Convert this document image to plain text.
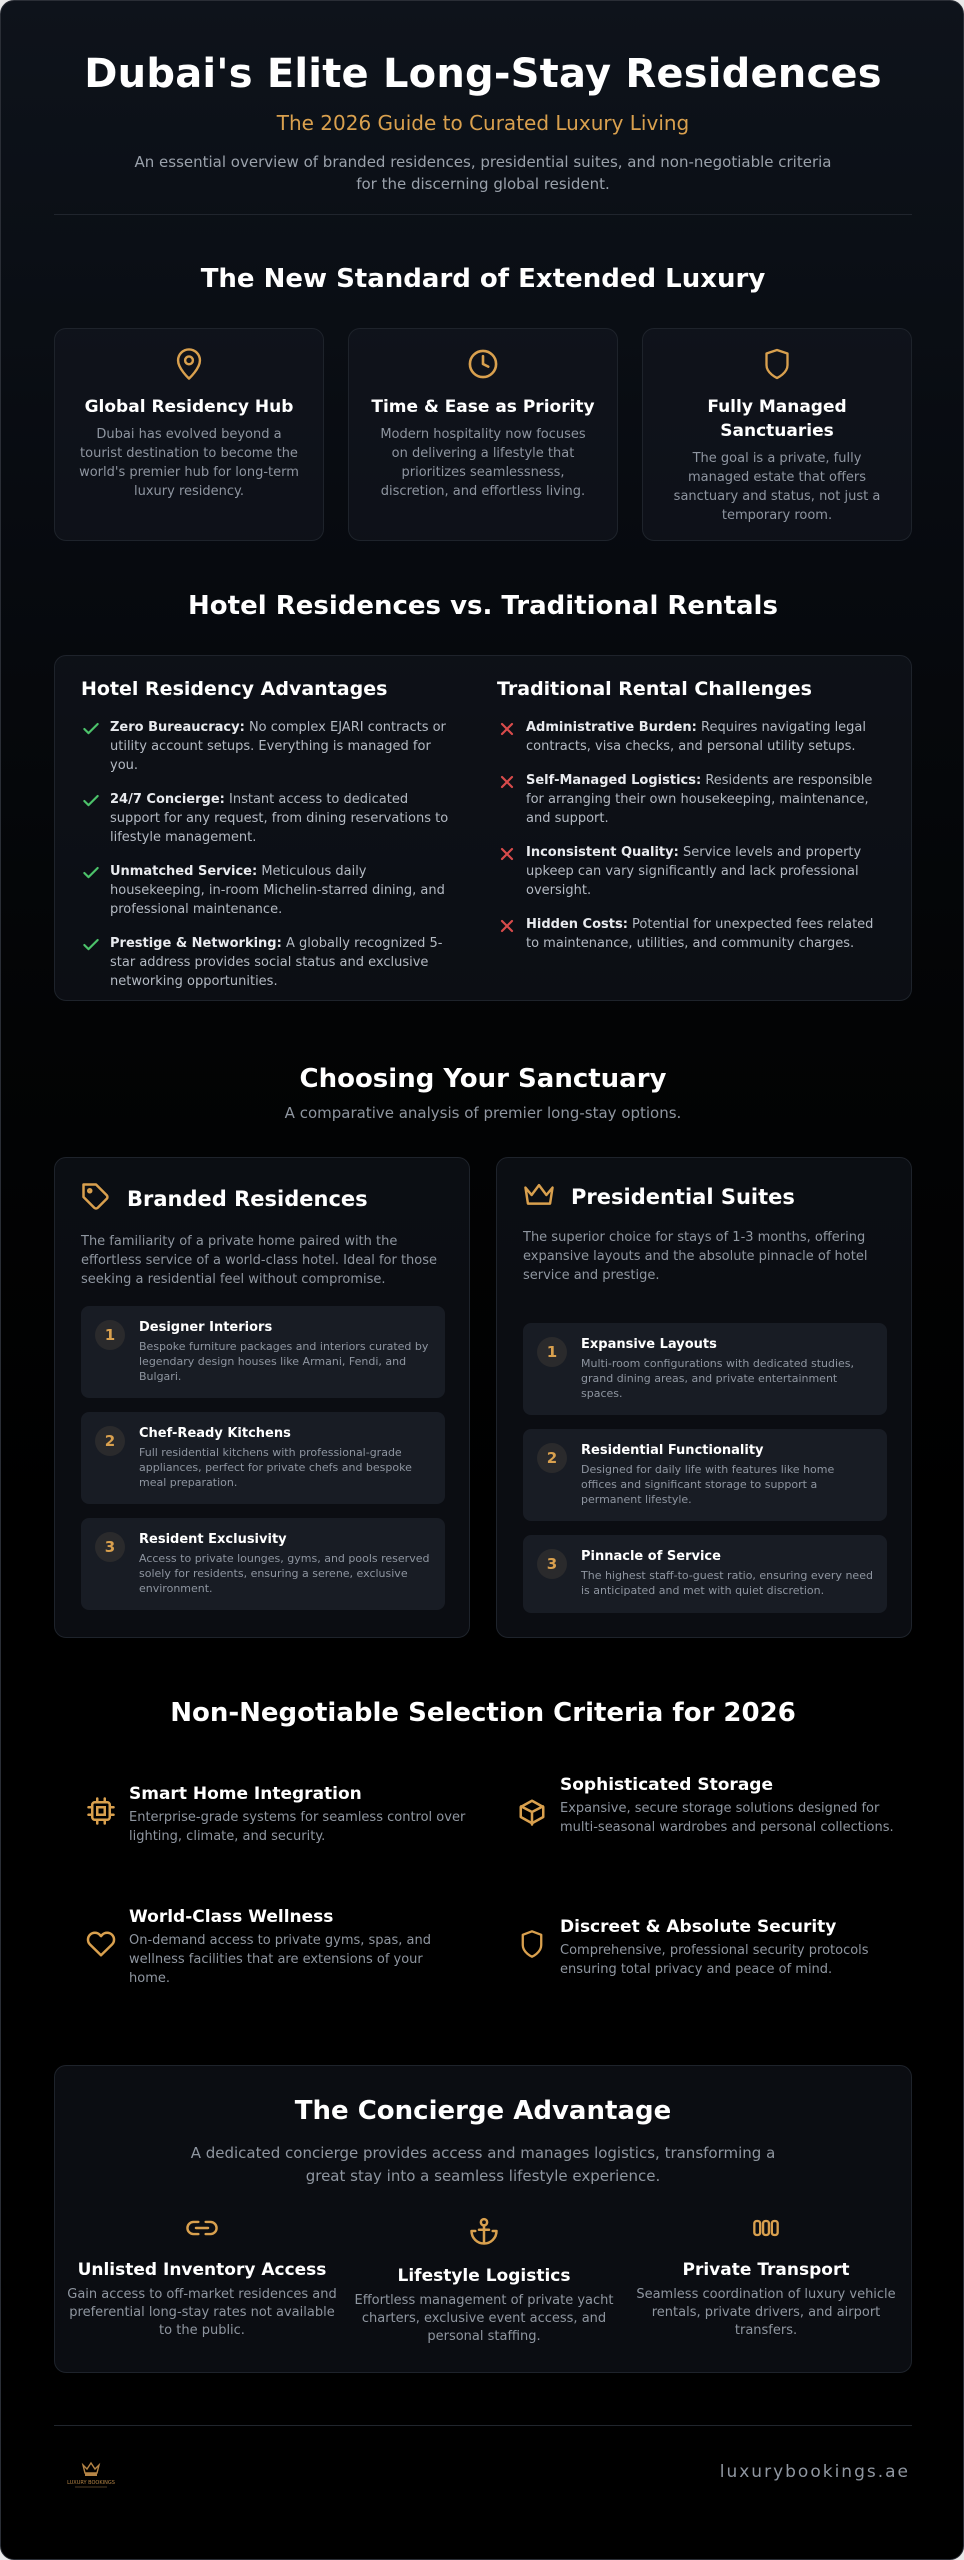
Dubai's Elite Long-Stay Residences
The 2026 Guide to Curated Luxury Living

An essential overview of branded residences, presidential suites, and non-negotiable criteria for the discerning global resident.

The New Standard of Extended Luxury
Global Residency Hub

Dubai has evolved beyond a tourist destination to become the world's premier hub for long-term luxury residency.

Time & Ease as Priority

Modern hospitality now focuses on delivering a lifestyle that prioritizes seamlessness, discretion, and effortless living.

Fully Managed Sanctuaries

The goal is a private, fully managed estate that offers sanctuary and status, not just a temporary room.

Hotel Residences vs. Traditional Rentals
Hotel Residency Advantages
Zero Bureaucracy: No complex EJARI contracts or utility account setups. Everything is managed for you.
24/7 Concierge: Instant access to dedicated support for any request, from dining reservations to lifestyle management.
Unmatched Service: Meticulous daily housekeeping, in-room Michelin-starred dining, and professional maintenance.
Prestige & Networking: A globally recognized 5-star address provides social status and exclusive networking opportunities.
Traditional Rental Challenges
Administrative Burden: Requires navigating legal contracts, visa checks, and personal utility setups.
Self-Managed Logistics: Residents are responsible for arranging their own housekeeping, maintenance, and support.
Inconsistent Quality: Service levels and property upkeep can vary significantly and lack professional oversight.
Hidden Costs: Potential for unexpected fees related to maintenance, utilities, and community charges.
Choosing Your Sanctuary
A comparative analysis of premier long-stay options.
Branded Residences

The familiarity of a private home paired with the effortless service of a world-class hotel. Ideal for those seeking a residential feel without compromise.

1	Designer Interiors

Bespoke furniture packages and interiors curated by legendary design houses like Armani, Fendi, and Bulgari.

2	Chef-Ready Kitchens

Full residential kitchens with professional-grade appliances, perfect for private chefs and bespoke meal preparation.

3	Resident Exclusivity

Access to private lounges, gyms, and pools reserved solely for residents, ensuring a serene, exclusive environment.

Presidential Suites

The superior choice for stays of 1-3 months, offering expansive layouts and the absolute pinnacle of hotel service and prestige.

1	Expansive Layouts

Multi-room configurations with dedicated studies, grand dining areas, and private entertainment spaces.

2	Residential Functionality

Designed for daily life with features like home offices and significant storage to support a permanent lifestyle.

3	Pinnacle of Service

The highest staff-to-guest ratio, ensuring every need is anticipated and met with quiet discretion.

Non-Negotiable Selection Criteria for 2026
Smart Home Integration

Enterprise-grade systems for seamless control over lighting, climate, and security.

Sophisticated Storage

Expansive, secure storage solutions designed for multi-seasonal wardrobes and personal collections.

World-Class Wellness

On-demand access to private gyms, spas, and wellness facilities that are extensions of your home.

Discreet & Absolute Security

Comprehensive, professional security protocols ensuring total privacy and peace of mind.

The Concierge Advantage

A dedicated concierge provides access and manages logistics, transforming a great stay into a seamless lifestyle experience.

Unlisted Inventory Access

Gain access to off-market residences and preferential long-stay rates not available to the public.

Lifestyle Logistics

Effortless management of private yacht charters, exclusive event access, and personal staffing.

Private Transport

Seamless coordination of luxury vehicle rentals, private drivers, and airport transfers.

LUXURY BOOKINGS
luxurybookings.ae
